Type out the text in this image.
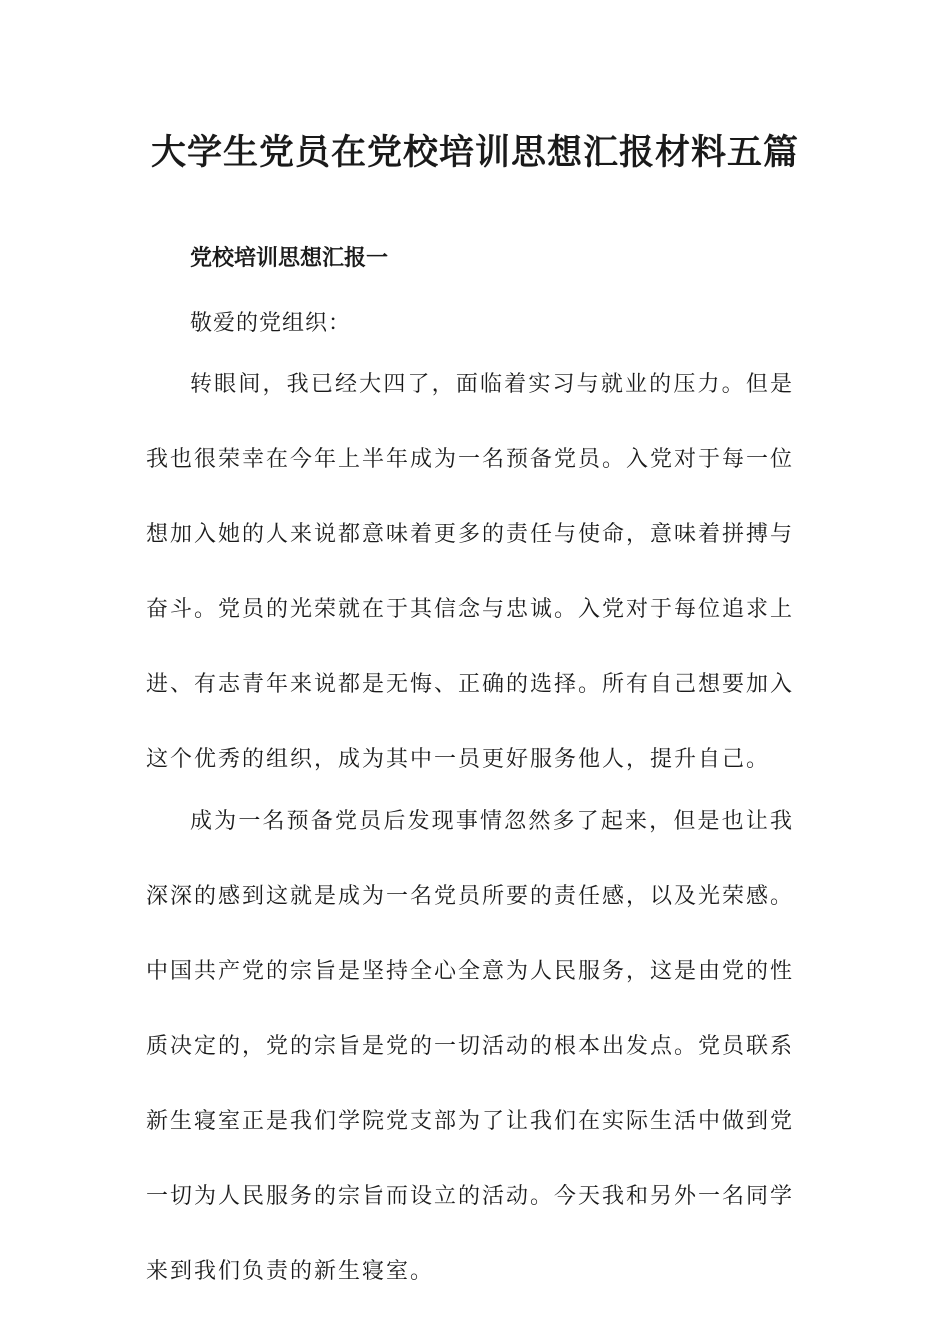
大学生党员在党校培训思想汇报材料五篇
党校培训思想汇报一

敬爱的党组织：

转眼间，我已经大四了，面临着实习与就业的压力。但是我也很荣幸在今年上半年成为一名预备党员。入党对于每一位想加入她的人来说都意味着更多的责任与使命，意味着拼搏与奋斗。党员的光荣就在于其信念与忠诚。入党对于每位追求上进、有志青年来说都是无悔、正确的选择。所有自己想要加入这个优秀的组织，成为其中一员更好服务他人，提升自己。

成为一名预备党员后发现事情忽然多了起来，但是也让我深深的感到这就是成为一名党员所要的责任感，以及光荣感。中国共产党的宗旨是坚持全心全意为人民服务，这是由党的性质决定的，党的宗旨是党的一切活动的根本出发点。党员联系新生寝室正是我们学院党支部为了让我们在实际生活中做到党一切为人民服务的宗旨而设立的活动。今天我和另外一名同学来到我们负责的新生寝室。
